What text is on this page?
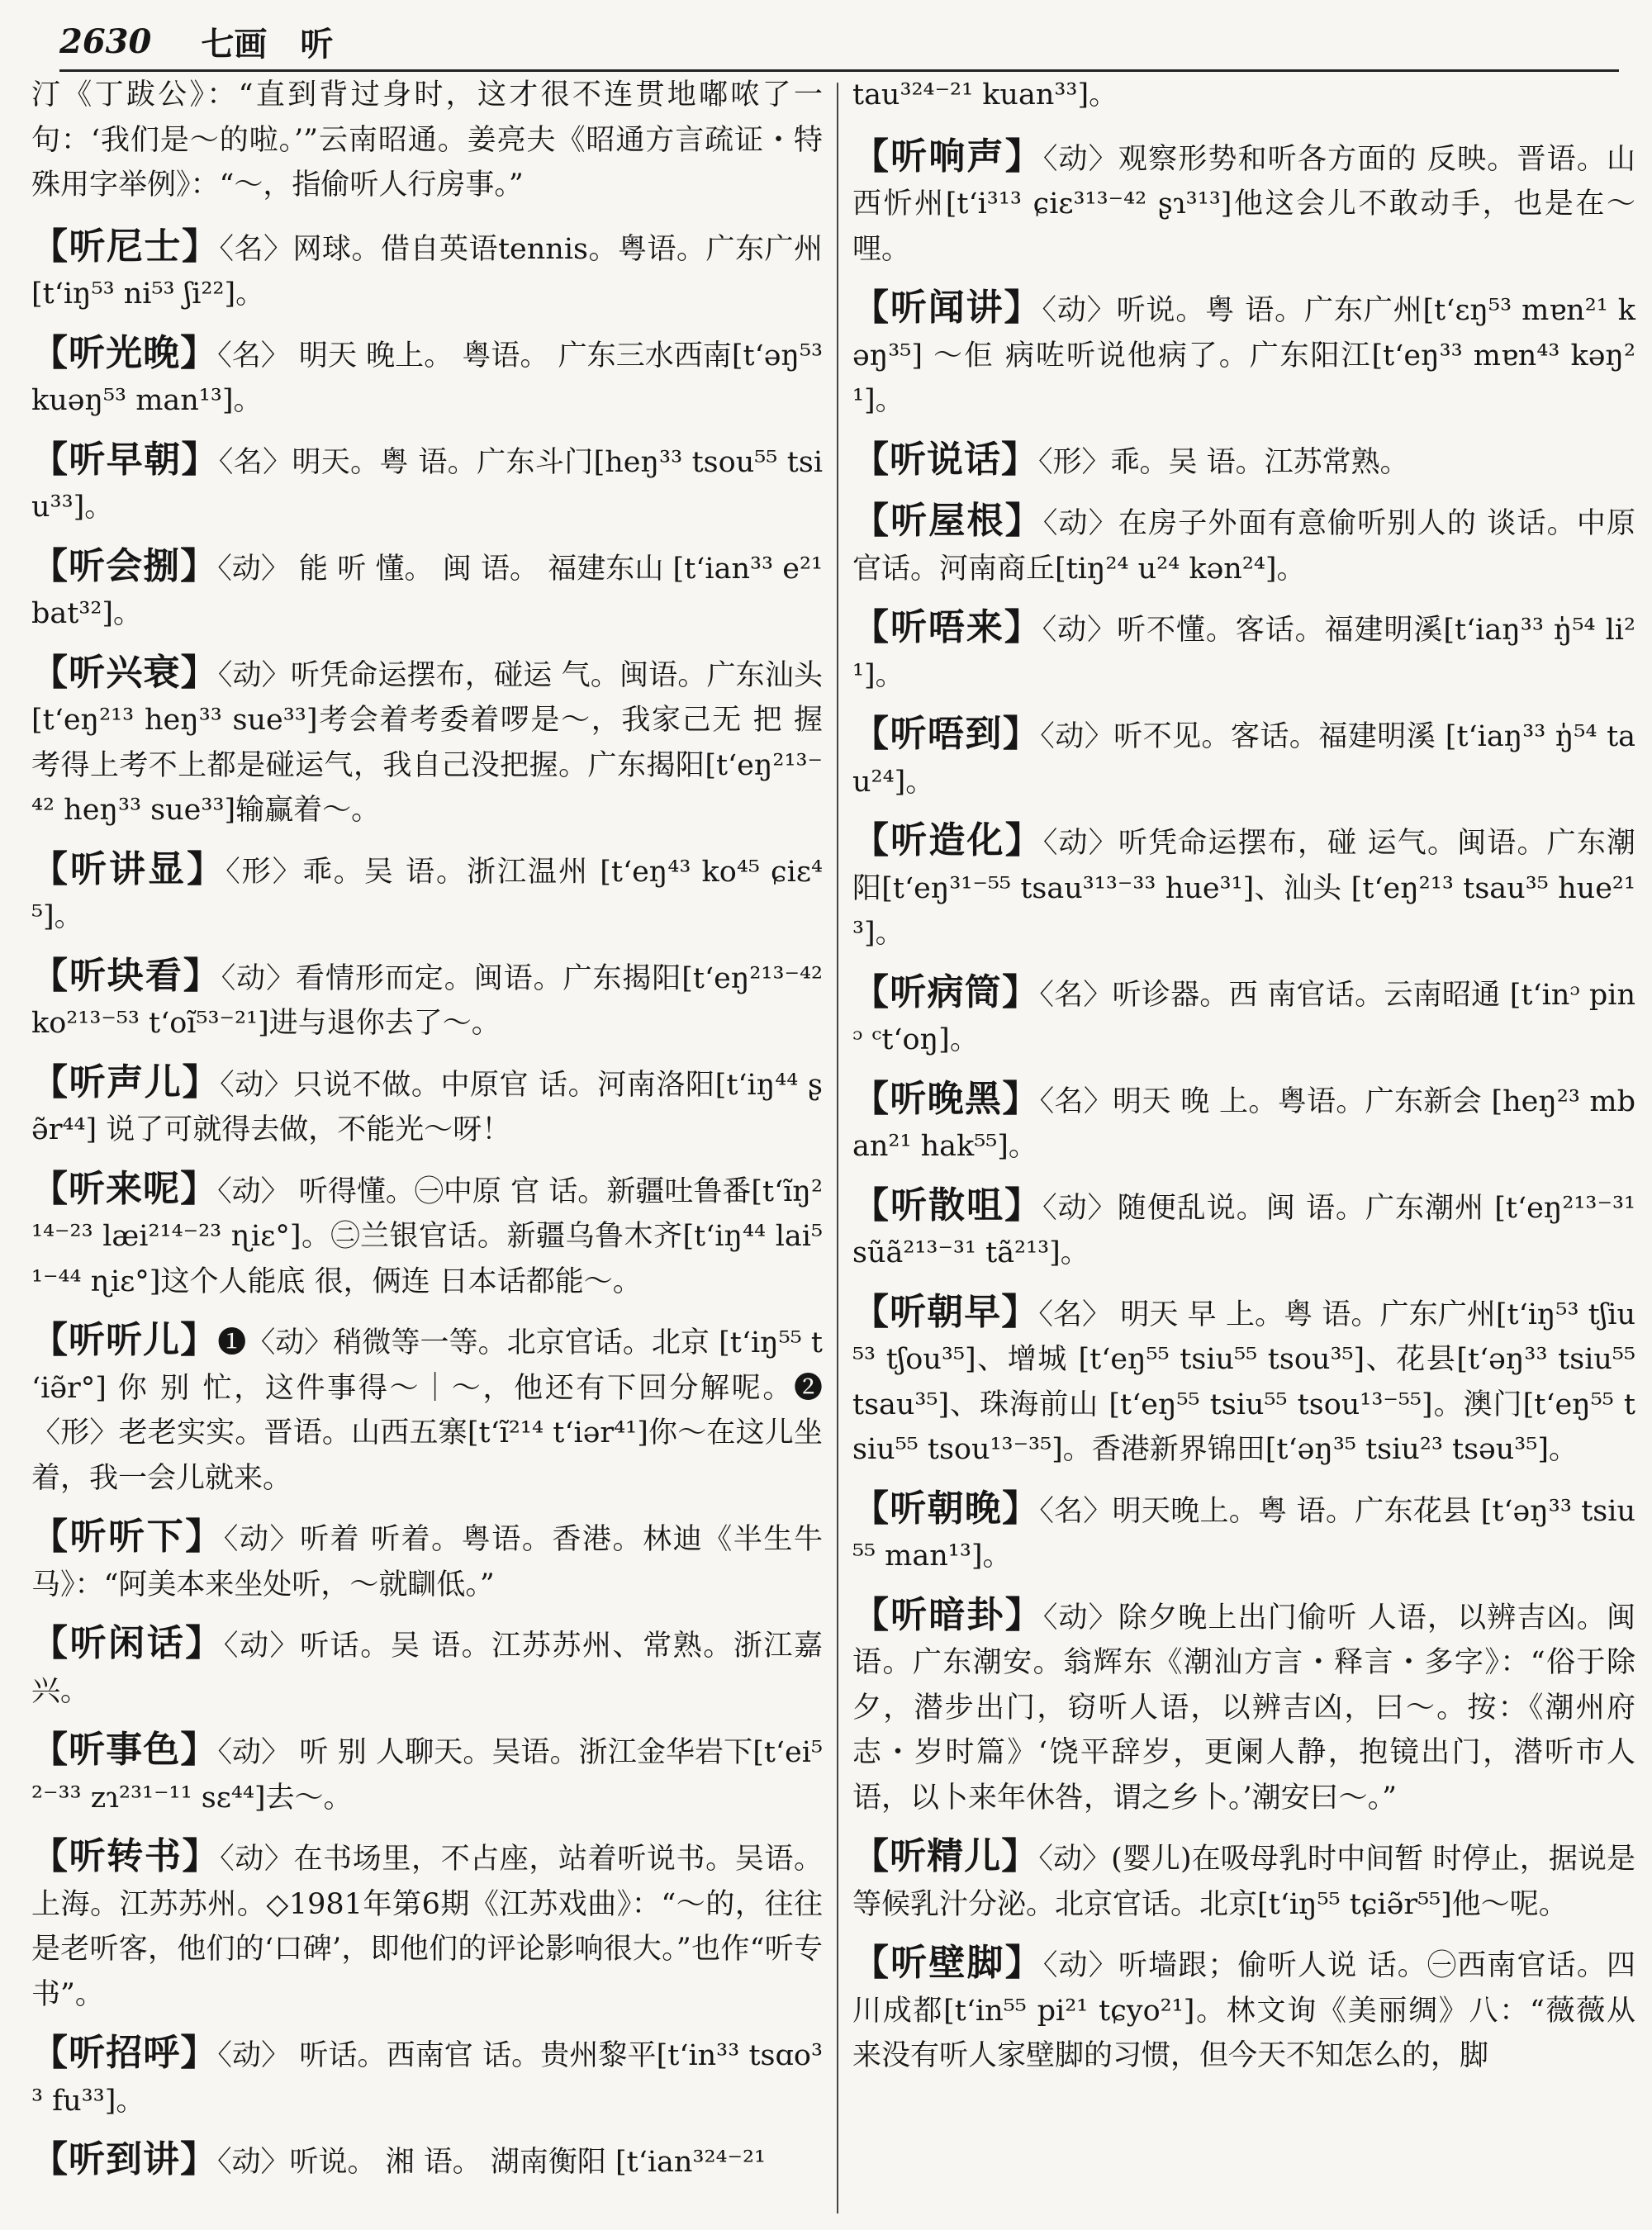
2630 七画　听

汀《丁跋公》：“直到背过身时，这才很不连贯地嘟哝了一句：‘我们是～的啦。’”云南昭通。姜亮夫《昭通方言疏证・特殊用字举例》：“～，指偷听人行房事。”

【听尼士】〈名〉网球。借自英语tennis。粤语。广东广州[tʻiŋ⁵³ ni⁵³ ʃi²²]。

【听光晚】〈名〉 明天 晚上。 粤语。 广东三水西南[tʻəŋ⁵³ kuəŋ⁵³ man¹³]。

【听早朝】〈名〉明天。粤 语。广东斗门[heŋ³³ tsou⁵⁵ tsiu³³]。

【听会捌】〈动〉 能 听 懂。 闽 语。 福建东山 [tʻian³³ e²¹ bat³²]。

【听兴衰】〈动〉听凭命运摆布，碰运 气。闽语。广东汕头[tʻeŋ²¹³ heŋ³³ sue³³]考会着考委着啰是～，我家己无 把 握考得上考不上都是碰运气，我自己没把握。广东揭阳[tʻeŋ²¹³⁻⁴² heŋ³³ sue³³]输赢着～。

【听讲显】〈形〉乖。吴 语。浙江温州 [tʻeŋ⁴³ ko⁴⁵ ɕiɛ⁴⁵]。

【听块看】〈动〉看情形而定。闽语。广东揭阳[tʻeŋ²¹³⁻⁴² ko²¹³⁻⁵³ tʻoĩ⁵³⁻²¹]进与退你去了～。

【听声儿】〈动〉只说不做。中原官 话。河南洛阳[tʻiŋ⁴⁴ ʂə̃r⁴⁴] 说了可就得去做，不能光～呀！

【听来呢】〈动〉 听得懂。㊀中原 官 话。新疆吐鲁番[tʻĩŋ²¹⁴⁻²³ læi²¹⁴⁻²³ ɳiɛ°]。㊁兰银官话。新疆乌鲁木齐[tʻiŋ⁴⁴ lai⁵¹⁻⁴⁴ ɳiɛ°]这个人能底 很，俩连 日本话都能～。

【听听儿】❶〈动〉稍微等一等。北京官话。北京 [tʻiŋ⁵⁵ tʻiə̃r°] 你 别 忙，这件事得～｜～，他还有下回分解呢。❷〈形〉老老实实。晋语。山西五寨[tʻĩ²¹⁴ tʻiər⁴¹]你～在这儿坐着，我一会儿就来。

【听听下】〈动〉听着 听着。粤语。香港。林迪《半生牛马》：“阿美本来坐处听，～就瞓低。”

【听闲话】〈动〉听话。吴 语。江苏苏州、常熟。浙江嘉兴。

【听事色】〈动〉 听 别 人聊天。吴语。浙江金华岩下[tʻei⁵²⁻³³ zɿ²³¹⁻¹¹ sɛ⁴⁴]去～。

【听转书】〈动〉在书场里，不占座，站着听说书。吴语。上海。江苏苏州。◇1981年第6期《江苏戏曲》：“～的，往往是老听客，他们的‘口碑’，即他们的评论影响很大。”也作“听专书”。

【听招呼】〈动〉 听话。西南官 话。贵州黎平[tʻin³³ tsɑo³³ fu³³]。

【听到讲】〈动〉听说。 湘 语。 湖南衡阳 [tʻian³²⁴⁻²¹

tau³²⁴⁻²¹ kuan³³]。

【听响声】〈动〉观察形势和听各方面的 反映。晋语。山西忻州[tʻi³¹³ ɕiɛ³¹³⁻⁴² ʂɿ³¹³]他这会儿不敢动手，也是在～哩。

【听闻讲】〈动〉听说。粤 语。广东广州[tʻɛŋ⁵³ mɐn²¹ kəŋ³⁵] ～佢 病咗听说他病了。广东阳江[tʻeŋ³³ mɐn⁴³ kəŋ²¹]。

【听说话】〈形〉乖。吴 语。江苏常熟。

【听屋根】〈动〉在房子外面有意偷听别人的 谈话。中原官话。河南商丘[tiŋ²⁴ u²⁴ kən²⁴]。

【听唔来】〈动〉听不懂。客话。福建明溪[tʻiaŋ³³ ŋ̍⁵⁴ li²¹]。

【听唔到】〈动〉听不见。客话。福建明溪 [tʻiaŋ³³ ŋ̍⁵⁴ tau²⁴]。

【听造化】〈动〉听凭命运摆布，碰 运气。闽语。广东潮阳[tʻeŋ³¹⁻⁵⁵ tsau³¹³⁻³³ hue³¹]、汕头 [tʻeŋ²¹³ tsau³⁵ hue²¹³]。

【听病筒】〈名〉听诊器。西 南官话。云南昭通 [tʻinᵓ pinᵓ ᶜtʻoŋ]。

【听晚黑】〈名〉明天 晚 上。粤语。广东新会 [heŋ²³ mban²¹ hak⁵⁵]。

【听散咀】〈动〉随便乱说。闽 语。广东潮州 [tʻeŋ²¹³⁻³¹ sũã²¹³⁻³¹ tã²¹³]。

【听朝早】〈名〉 明天 早 上。粤 语。广东广州[tʻiŋ⁵³ tʃiu⁵³ tʃou³⁵]、增城 [tʻeŋ⁵⁵ tsiu⁵⁵ tsou³⁵]、花县[tʻəŋ³³ tsiu⁵⁵ tsau³⁵]、珠海前山 [tʻeŋ⁵⁵ tsiu⁵⁵ tsou¹³⁻⁵⁵]。澳门[tʻeŋ⁵⁵ tsiu⁵⁵ tsou¹³⁻³⁵]。香港新界锦田[tʻəŋ³⁵ tsiu²³ tsəu³⁵]。

【听朝晚】〈名〉明天晚上。粤 语。广东花县 [tʻəŋ³³ tsiu⁵⁵ man¹³]。

【听暗卦】〈动〉除夕晚上出门偷听 人语，以辨吉凶。闽语。广东潮安。翁辉东《潮汕方言・释言・多字》：“俗于除夕，潜步出门，窃听人语，以辨吉凶，曰～。按：《潮州府志・岁时篇》‘饶平辞岁，更阑人静，抱镜出门，潜听市人语，以卜来年休咎，谓之乡卜。’潮安曰～。”

【听精儿】〈动〉(婴儿)在吸母乳时中间暂 时停止，据说是等候乳汁分泌。北京官话。北京[tʻiŋ⁵⁵ tɕiə̃r⁵⁵]他～呢。

【听壁脚】〈动〉听墙跟；偷听人说 话。㊀西南官话。四川成都[tʻin⁵⁵ pi²¹ tɕyo²¹]。林文询《美丽绸》八：“薇薇从来没有听人家壁脚的习惯，但今天不知怎么的，脚
